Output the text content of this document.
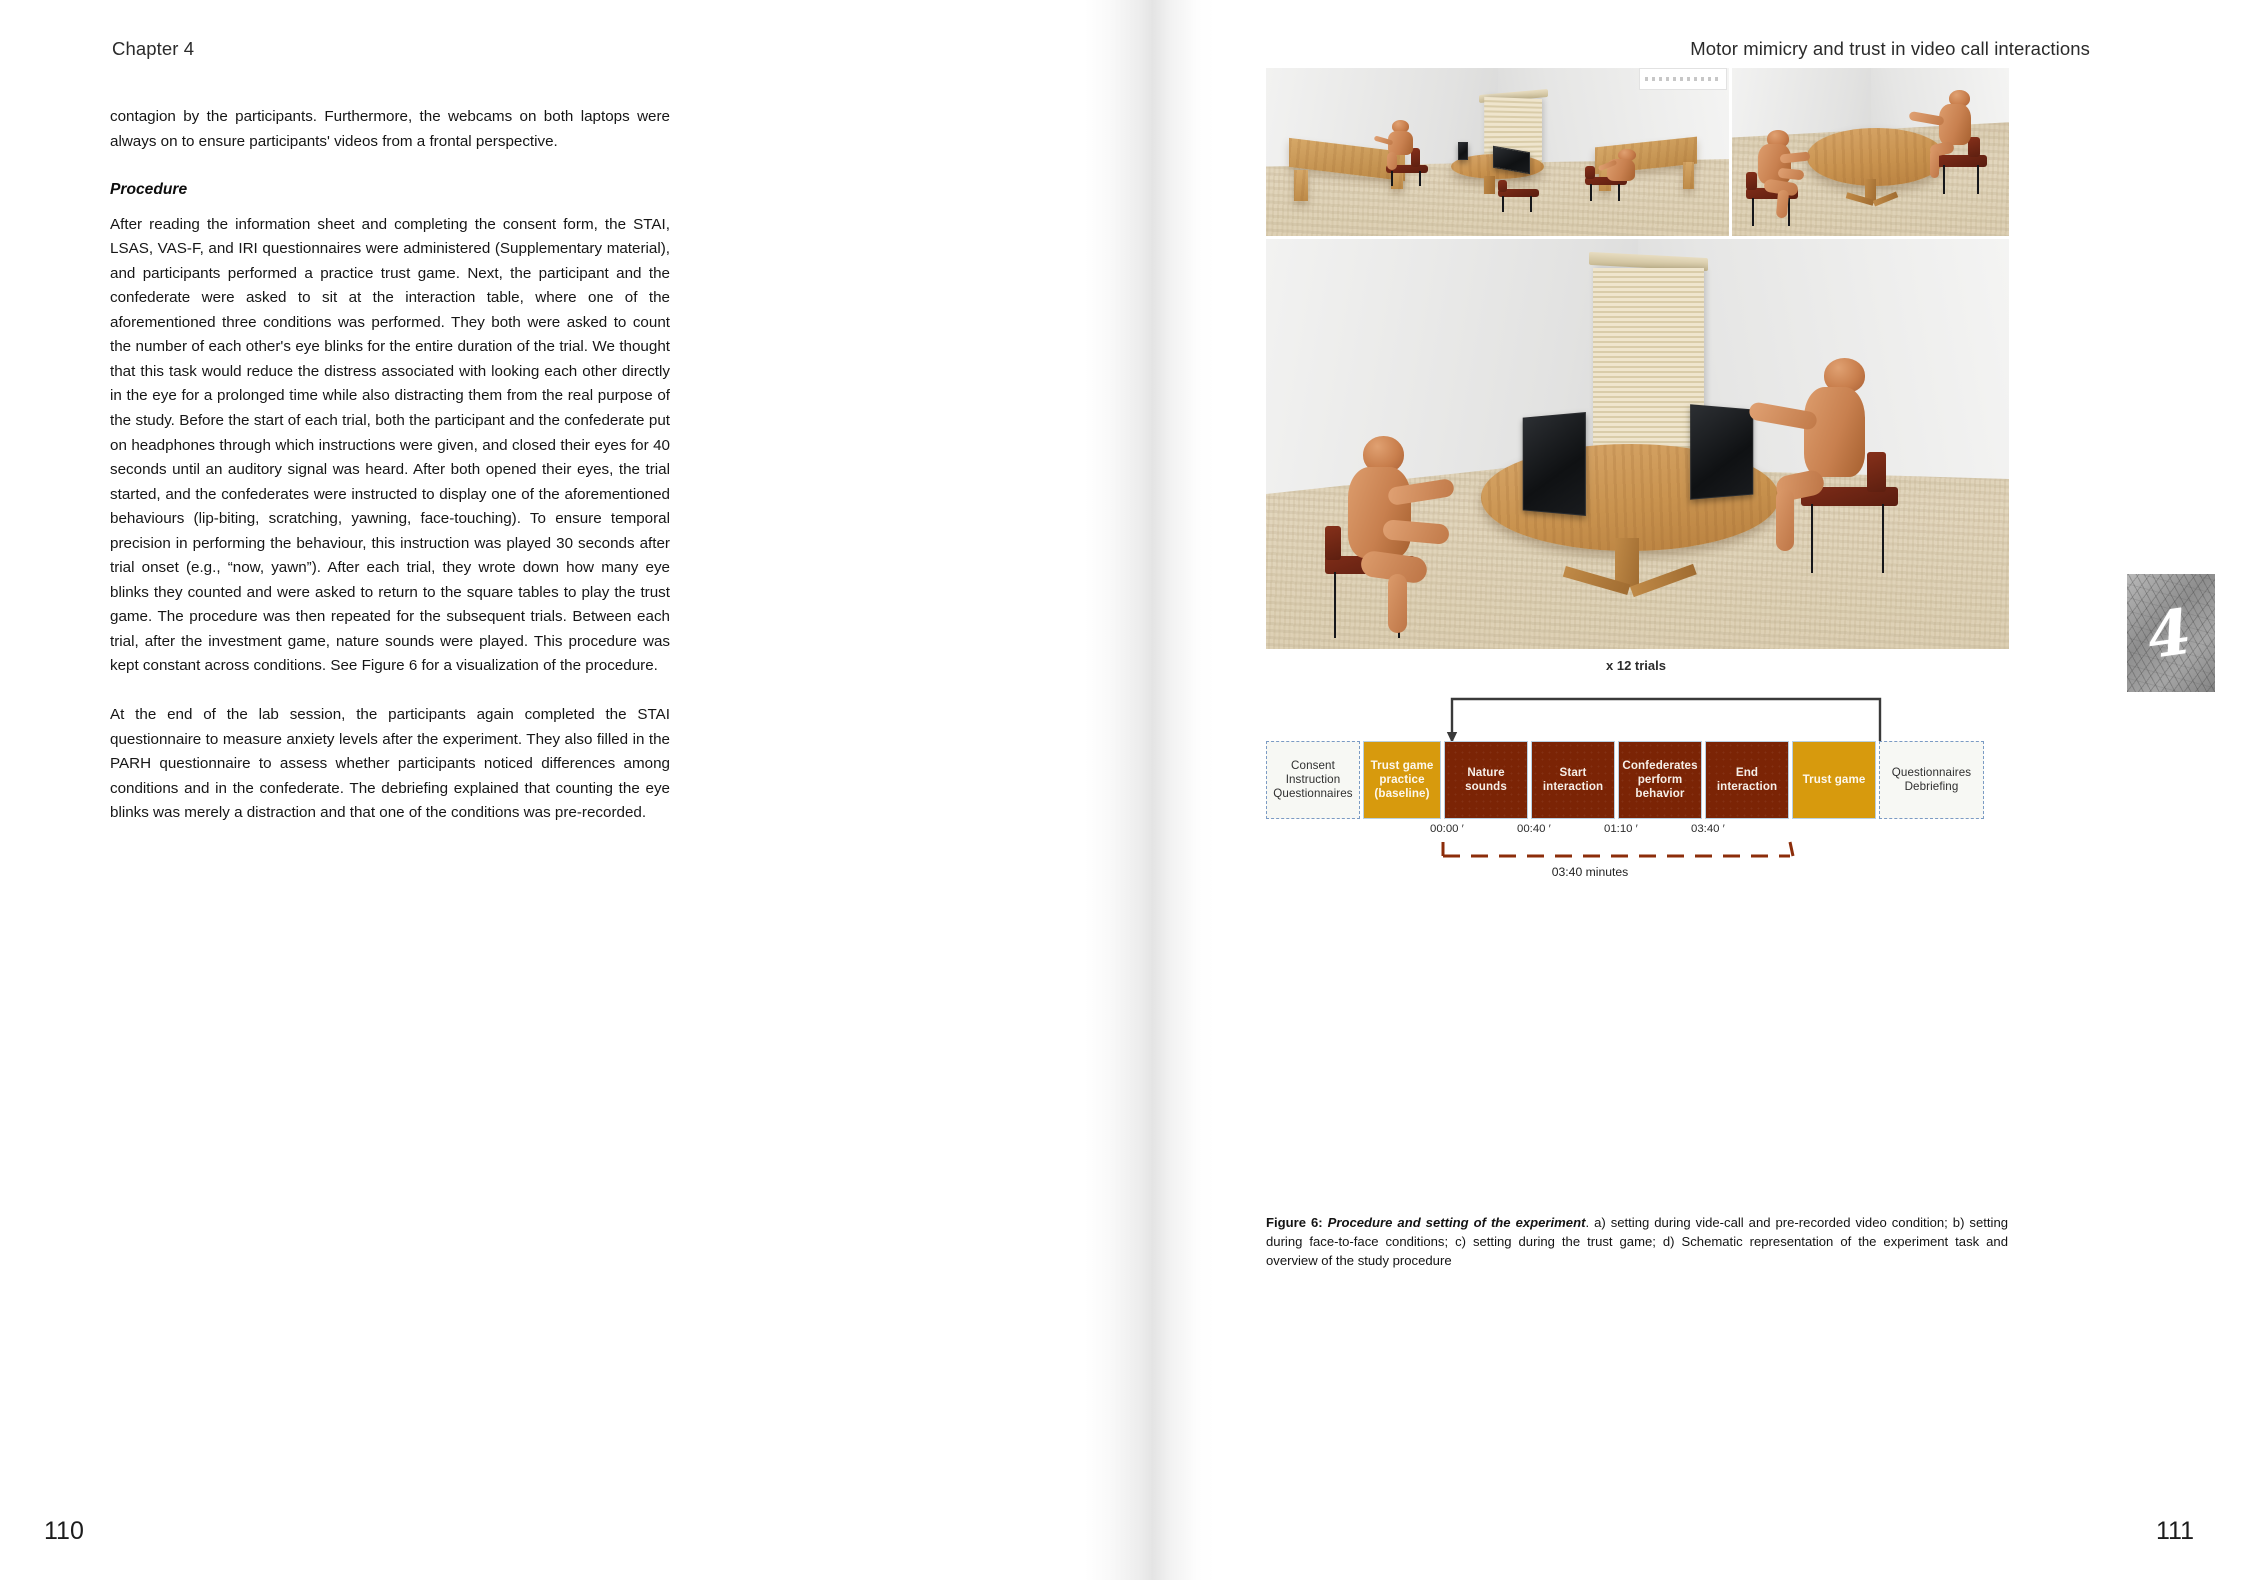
Chapter 4

contagion by the participants. Furthermore, the webcams on both laptops were always on to ensure participants' videos from a frontal perspective.

Procedure

After reading the information sheet and completing the consent form, the STAI, LSAS, VAS-F, and IRI questionnaires were administered (Supplementary material), and participants performed a practice trust game. Next, the participant and the confederate were asked to sit at the interaction table, where one of the aforementioned three conditions was performed. They both were asked to count the number of each other's eye blinks for the entire duration of the trial. We thought that this task would reduce the distress associated with looking each other directly in the eye for a prolonged time while also distracting them from the real purpose of the study. Before the start of each trial, both the participant and the confederate put on headphones through which instructions were given, and closed their eyes for 40 seconds until an auditory signal was heard. After both opened their eyes, the trial started, and the confederates were instructed to display one of the aforementioned behaviours (lip-biting, scratching, yawning, face-touching). To ensure temporal precision in performing the behaviour, this instruction was played 30 seconds after trial onset (e.g., “now, yawn”). After each trial, they wrote down how many eye blinks they counted and were asked to return to the square tables to play the trust game. The procedure was then repeated for the subsequent trials. Between each trial, after the investment game, nature sounds were played. This procedure was kept constant across conditions. See Figure 6 for a visualization of the procedure.

At the end of the lab session, the participants again completed the STAI questionnaire to measure anxiety levels after the experiment. They also filled in the PARH questionnaire to assess whether participants noticed differences among conditions and in the confederate. The debriefing explained that counting the eye blinks was merely a distraction and that one of the conditions was pre-recorded.

110
Motor mimicry and trust in video call interactions
x 12 trials
Consent
Instruction
Questionnaires
Trust game
practice
(baseline)
Nature sounds
Start
interaction
Confederates
perform
behavior
End interaction
Trust game
Questionnaires
Debriefing
00:00 ′	00:40 ′	01:10 ′	03:40 ′
03:40 minutes
Figure 6: Procedure and setting of the experiment. a) setting during vide-call and pre-recorded video condition; b) setting during face-to-face conditions; c) setting during the trust game; d) Schematic representation of the experiment task and overview of the study procedure
111
4
